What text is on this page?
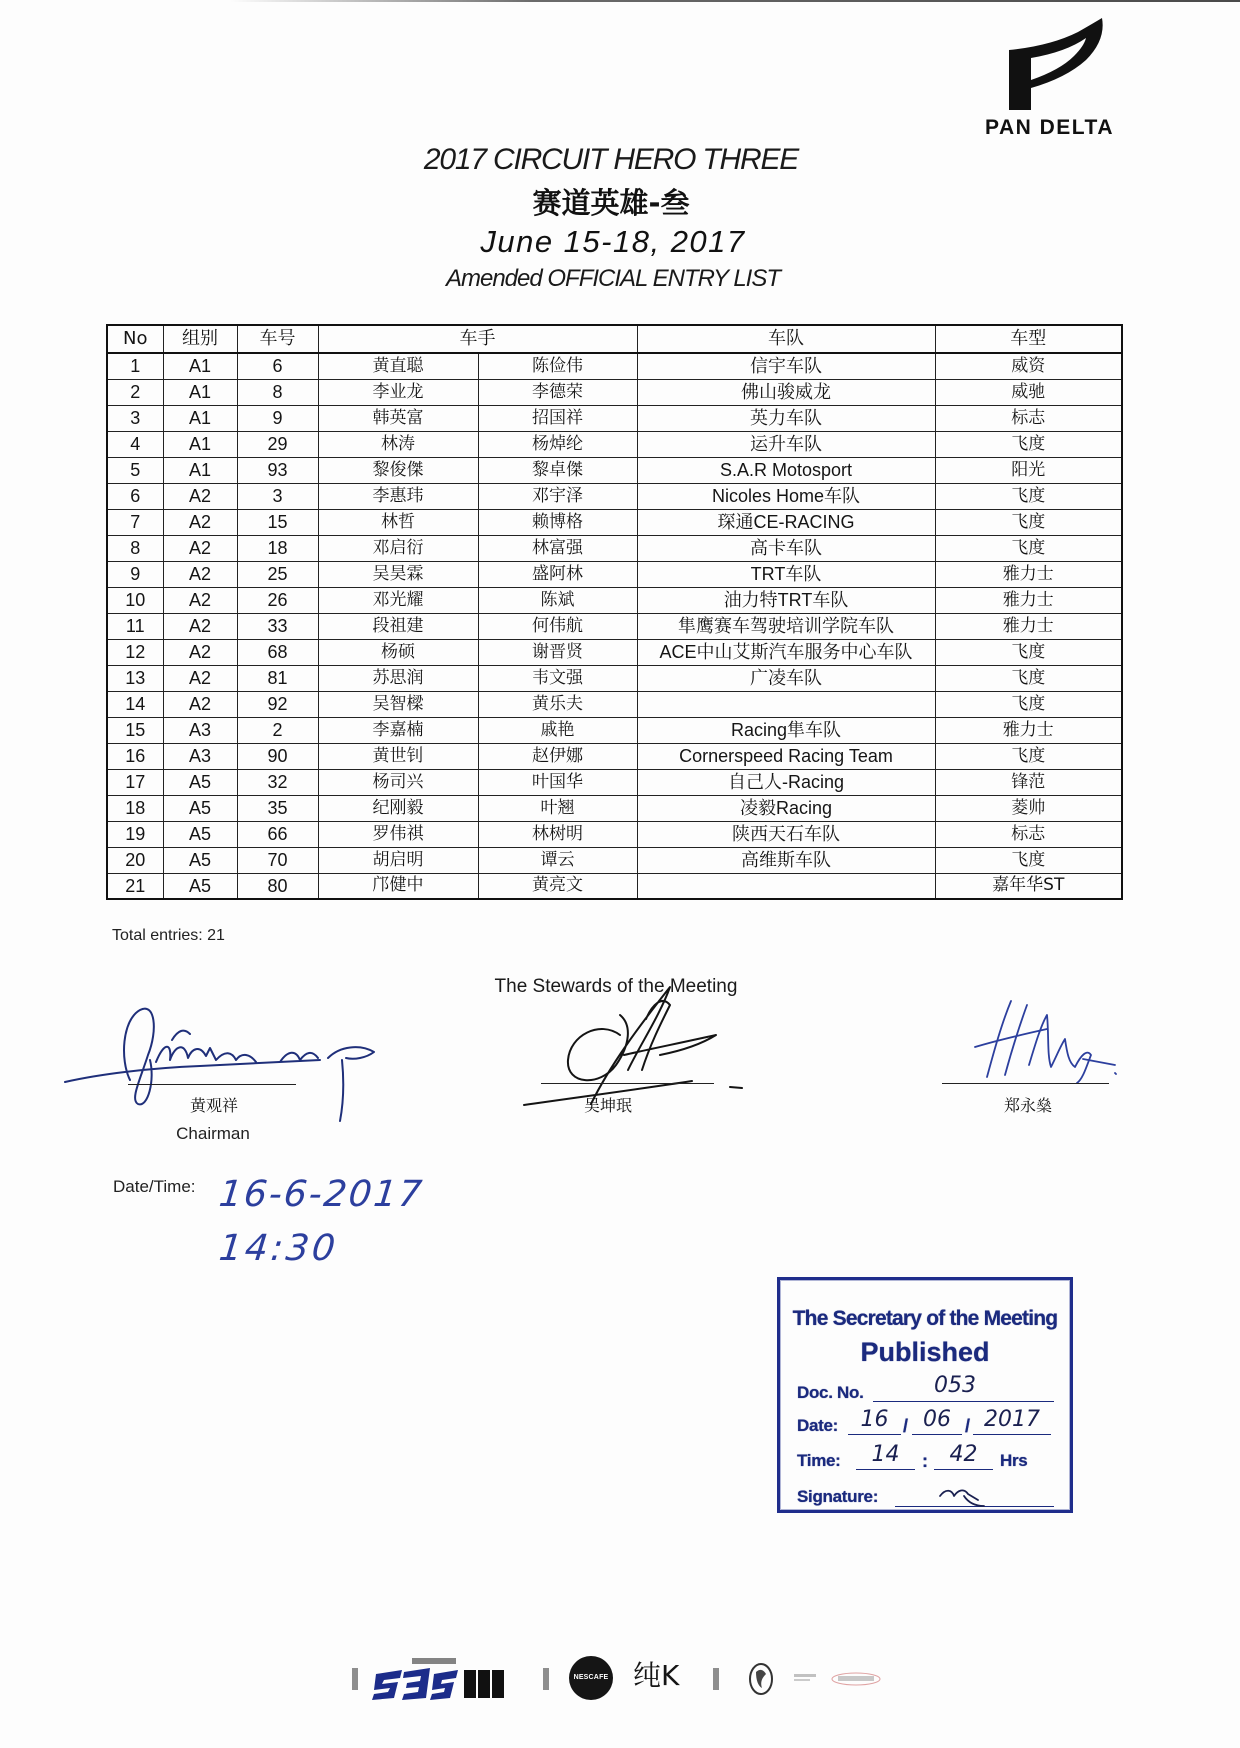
PAN DELTA
2017 CIRCUIT HERO THREE
赛道英雄-叁
June 15-18, 2017
Amended OFFICIAL ENTRY LIST
No	组别	车号	车手		车队	车型
1	A1	6	黄直聪	陈俭伟	信宇车队	威资
2	A1	8	李业龙	李德荣	佛山骏威龙	威驰
3	A1	9	韩英富	招国祥	英力车队	标志
4	A1	29	林涛	杨焯纶	运升车队	飞度
5	A1	93	黎俊傑	黎卓傑	S.A.R Motosport	阳光
6	A2	3	李惠玮	邓宇泽	Nicoles Home车队	飞度
7	A2	15	林哲	赖博格	琛通CE-RACING	飞度
8	A2	18	邓启衍	林富强	高卡车队	飞度
9	A2	25	吴昊霖	盛阿林	TRT车队	雅力士
10	A2	26	邓光耀	陈斌	油力特TRT车队	雅力士
11	A2	33	段祖建	何伟航	隼鹰赛车驾驶培训学院车队	雅力士
12	A2	68	杨硕	谢晋贤	ACE中山艾斯汽车服务中心车队	飞度
13	A2	81	苏思润	韦文强	广凌车队	飞度
14	A2	92	吴智樑	黄乐夫		飞度
15	A3	2	李嘉楠	戚艳	Racing隼车队	雅力士
16	A3	90	黄世钊	赵伊娜	Cornerspeed Racing Team	飞度
17	A5	32	杨司兴	叶国华	自己人-Racing	锋范
18	A5	35	纪刚毅	叶翘	凌毅Racing	菱帅
19	A5	66	罗伟祺	林树明	陕西天石车队	标志
20	A5	70	胡启明	谭云	高维斯车队	飞度
21	A5	80	邝健中	黄亮文		嘉年华ST
Total entries: 21
The Stewards of the Meeting
黄观祥
Chairman
吴坤珉	郑永燊
Date/Time: 16-6-2017
14:30
The Secretary of the Meeting
Published
Doc. No.	053
Date:	16 / 06 / 2017
Time:	14	: 42	Hrs
Signature:
NESCAFE 纯K
